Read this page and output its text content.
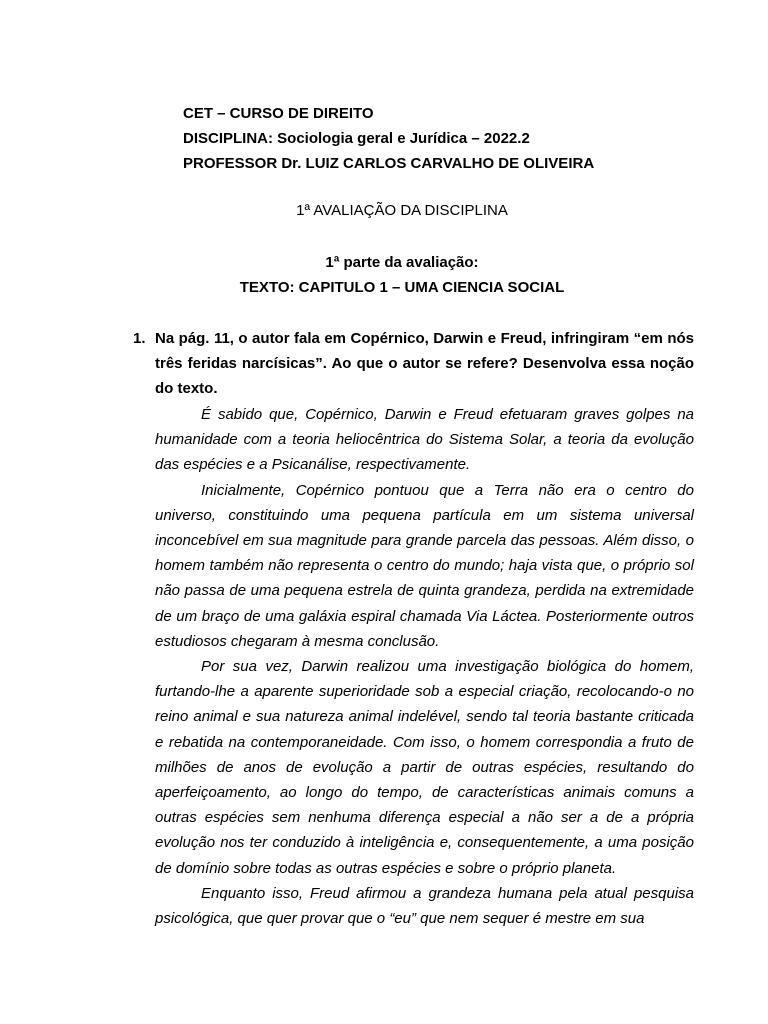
CET – CURSO DE DIREITO
DISCIPLINA: Sociologia geral e Jurídica – 2022.2
PROFESSOR Dr. LUIZ CARLOS CARVALHO DE OLIVEIRA
1ª AVALIAÇÃO DA DISCIPLINA
1ª parte da avaliação:
TEXTO: CAPITULO 1 – UMA CIENCIA SOCIAL
1. Na pág. 11, o autor fala em Copérnico, Darwin e Freud, infringiram “em nós três feridas narcísicas”. Ao que o autor se refere? Desenvolva essa noção do texto.

É sabido que, Copérnico, Darwin e Freud efetuaram graves golpes na humanidade com a teoria heliocêntrica do Sistema Solar, a teoria da evolução das espécies e a Psicanálise, respectivamente.

Inicialmente, Copérnico pontuou que a Terra não era o centro do universo, constituindo uma pequena partícula em um sistema universal inconcebível em sua magnitude para grande parcela das pessoas. Além disso, o homem também não representa o centro do mundo; haja vista que, o próprio sol não passa de uma pequena estrela de quinta grandeza, perdida na extremidade de um braço de uma galáxia espiral chamada Via Láctea. Posteriormente outros estudiosos chegaram à mesma conclusão.

Por sua vez, Darwin realizou uma investigação biológica do homem, furtando-lhe a aparente superioridade sob a especial criação, recolocando-o no reino animal e sua natureza animal indelével, sendo tal teoria bastante criticada e rebatida na contemporaneidade. Com isso, o homem correspondia a fruto de milhões de anos de evolução a partir de outras espécies, resultando do aperfeiçoamento, ao longo do tempo, de características animais comuns a outras espécies sem nenhuma diferença especial a não ser a de a própria evolução nos ter conduzido à inteligência e, consequentemente, a uma posição de domínio sobre todas as outras espécies e sobre o próprio planeta.

Enquanto isso, Freud afirmou a grandeza humana pela atual pesquisa psicológica, que quer provar que o “eu” que nem sequer é mestre em sua
